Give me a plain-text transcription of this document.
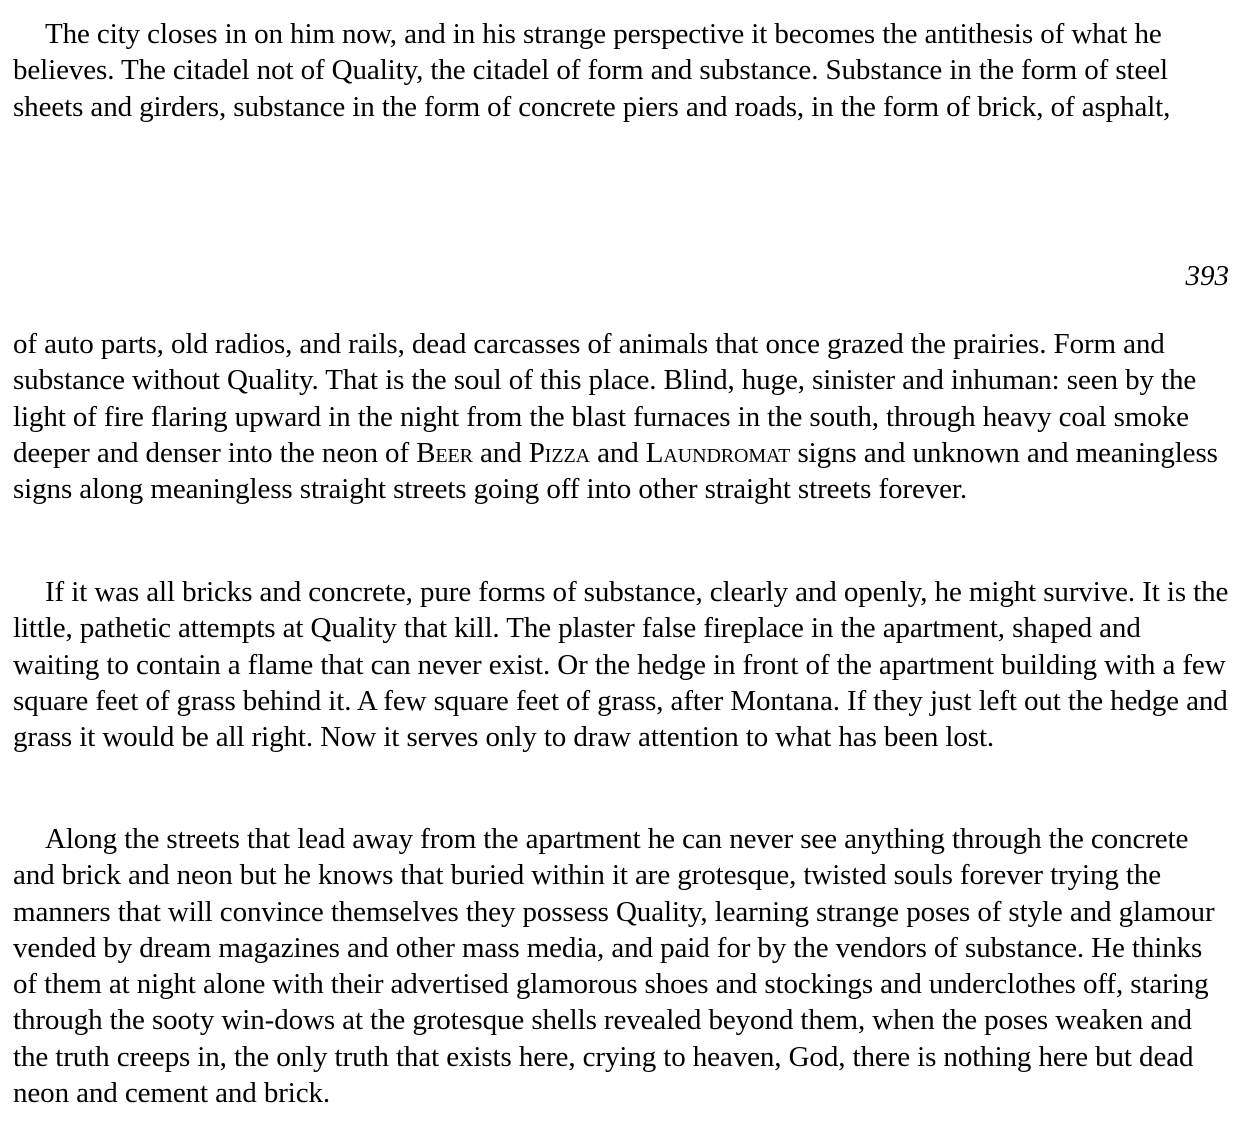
The city closes in on him now, and in his strange perspective it becomes the antithesis of what he believes. The citadel not of Quality, the citadel of form and substance. Substance in the form of steel sheets and girders, substance in the form of concrete piers and roads, in the form of brick, of asphalt,

393

of auto parts, old radios, and rails, dead carcasses of animals that once grazed the prairies. Form and substance without Quality. That is the soul of this place. Blind, huge, sinister and inhuman: seen by the light of fire flaring upward in the night from the blast furnaces in the south, through heavy coal smoke deeper and denser into the neon of Beer and Pizza and Laundromat signs and unknown and meaningless signs along meaningless straight streets going off into other straight streets forever.

If it was all bricks and concrete, pure forms of substance, clearly and openly, he might survive. It is the little, pathetic attempts at Quality that kill. The plaster false fireplace in the apartment, shaped and waiting to contain a flame that can never exist. Or the hedge in front of the apartment building with a few square feet of grass behind it. A few square feet of grass, after Montana. If they just left out the hedge and grass it would be all right. Now it serves only to draw attention to what has been lost.

Along the streets that lead away from the apartment he can never see anything through the concrete and brick and neon but he knows that buried within it are grotesque, twisted souls forever trying the manners that will convince themselves they possess Quality, learning strange poses of style and glamour vended by dream magazines and other mass media, and paid for by the vendors of substance. He thinks of them at night alone with their advertised glamorous shoes and stockings and underclothes off, staring through the sooty win-dows at the grotesque shells revealed beyond them, when the poses weaken and the truth creeps in, the only truth that exists here, crying to heaven, God, there is nothing here but dead neon and cement and brick.
